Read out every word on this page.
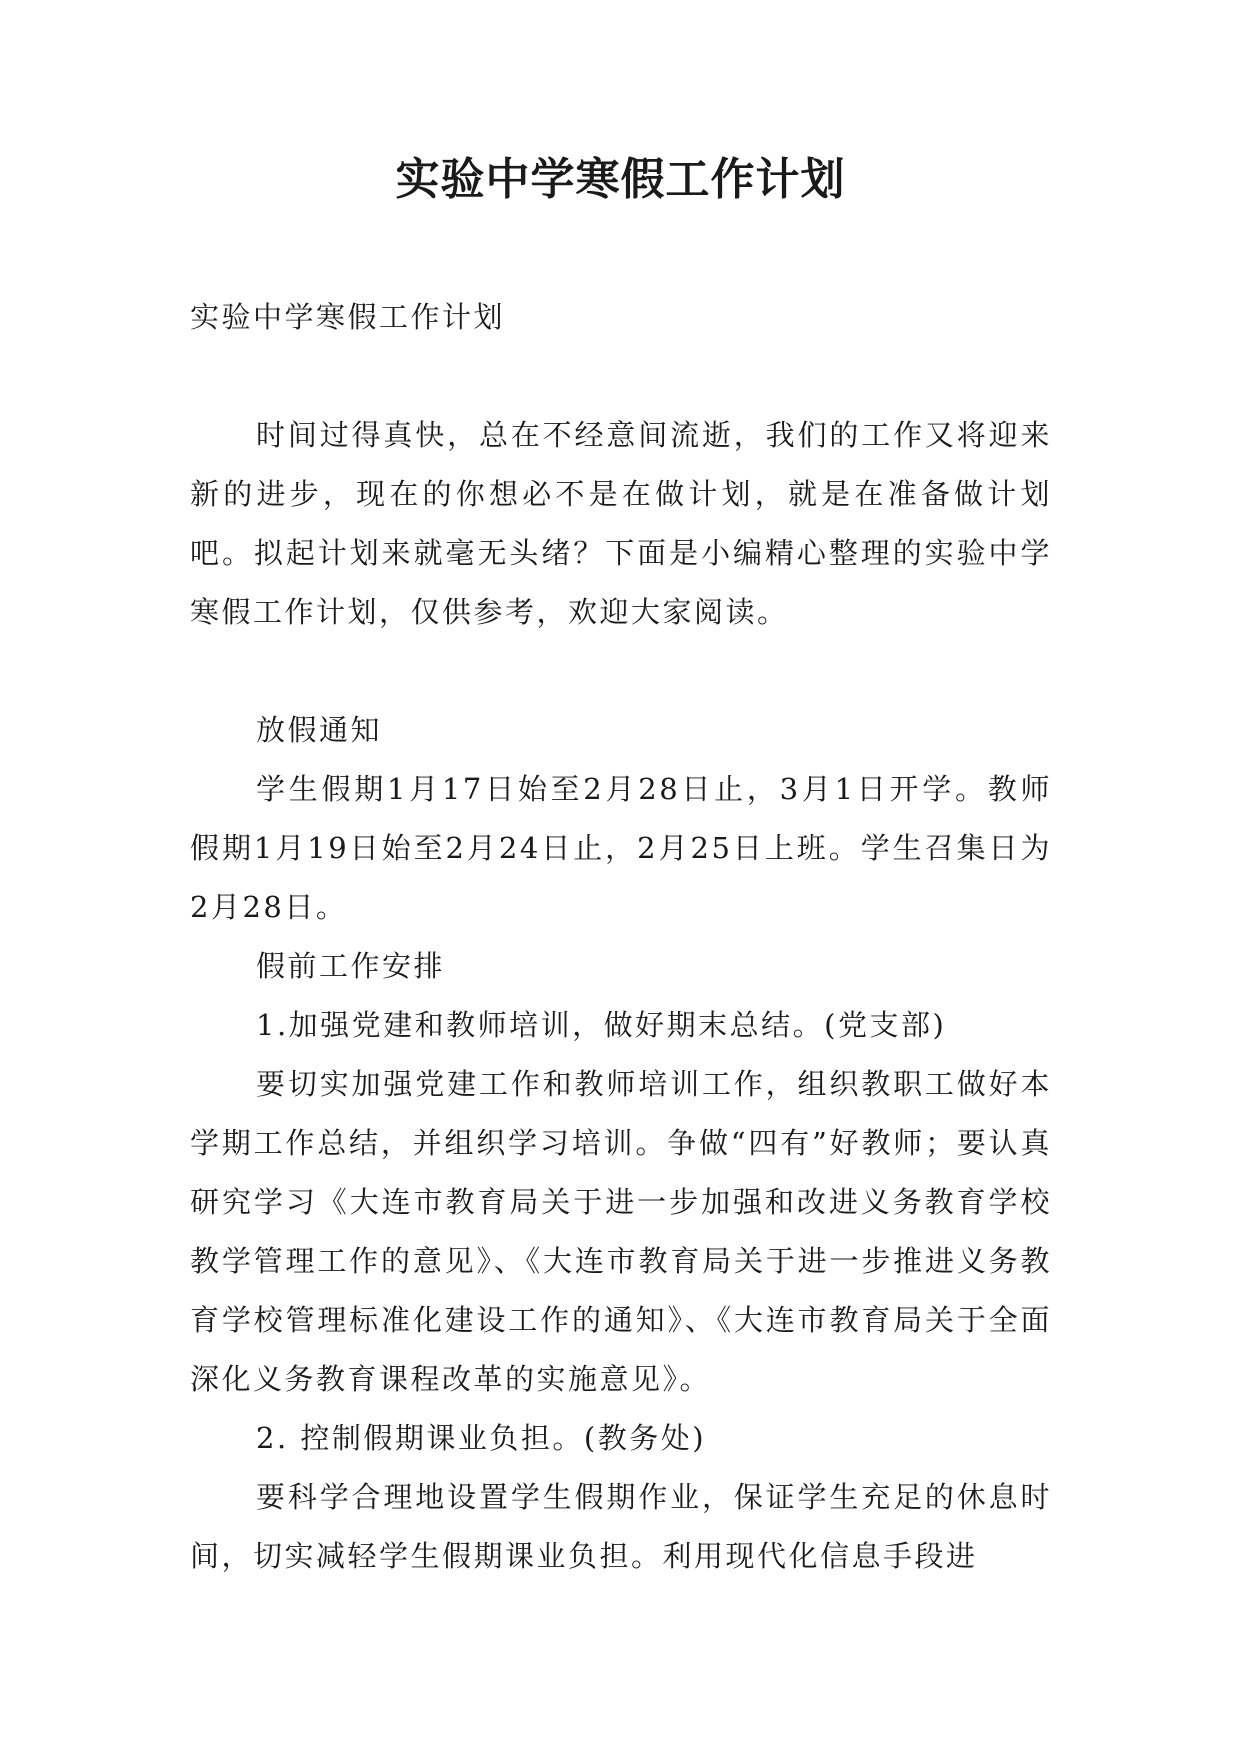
实验中学寒假工作计划

实验中学寒假工作计划

时间过得真快，总在不经意间流逝，我们的工作又将迎来新的进步，现在的你想必不是在做计划，就是在准备做计划吧。拟起计划来就毫无头绪？下面是小编精心整理的实验中学寒假工作计划，仅供参考，欢迎大家阅读。

放假通知

学生假期1月17日始至2月28日止，3月1日开学。教师假期1月19日始至2月24日止，2月25日上班。学生召集日为2月28日。

假前工作安排

1.加强党建和教师培训，做好期末总结。(党支部)

要切实加强党建工作和教师培训工作，组织教职工做好本学期工作总结，并组织学习培训。争做“四有”好教师；要认真研究学习《大连市教育局关于进一步加强和改进义务教育学校教学管理工作的意见》、《大连市教育局关于进一步推进义务教育学校管理标准化建设工作的通知》、《大连市教育局关于全面深化义务教育课程改革的实施意见》。

2. 控制假期课业负担。(教务处)

要科学合理地设置学生假期作业，保证学生充足的休息时间，切实减轻学生假期课业负担。利用现代化信息手段进
